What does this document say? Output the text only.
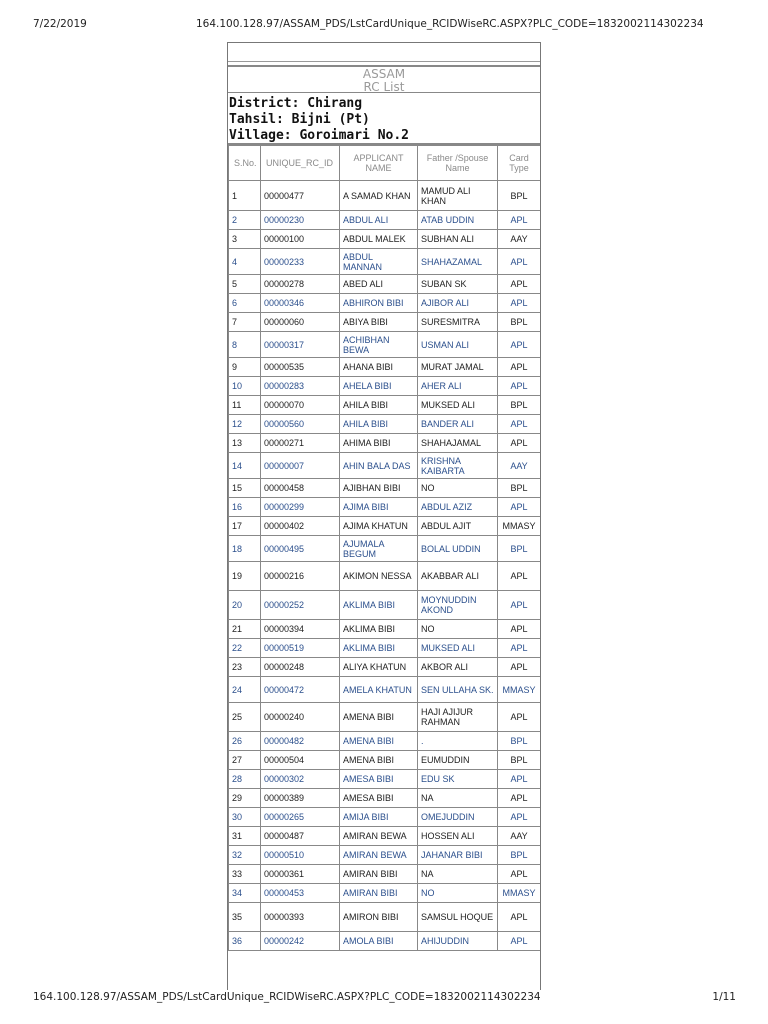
7/22/2019	164.100.128.97/ASSAM_PDS/LstCardUnique_RCIDWiseRC.ASPX?PLC_CODE=1832002114302234
ASSAM
RC List
District: Chirang
Tahsil: Bijni (Pt)
Village: Goroimari No.2
S.No.	UNIQUE_RC_ID	APPLICANT NAME	Father /Spouse Name	Card Type
1	00000477	A SAMAD KHAN	MAMUD ALI KHAN	BPL
2	00000230	ABDUL ALI	ATAB UDDIN	APL
3	00000100	ABDUL MALEK	SUBHAN ALI	AAY
4	00000233	ABDUL MANNAN	SHAHAZAMAL	APL
5	00000278	ABED ALI	SUBAN SK	APL
6	00000346	ABHIRON BIBI	AJIBOR ALI	APL
7	00000060	ABIYA BIBI	SURESMITRA	BPL
8	00000317	ACHIBHAN BEWA	USMAN ALI	APL
9	00000535	AHANA BIBI	MURAT JAMAL	APL
10	00000283	AHELA BIBI	AHER ALI	APL
11	00000070	AHILA BIBI	MUKSED ALI	BPL
12	00000560	AHILA BIBI	BANDER ALI	APL
13	00000271	AHIMA BIBI	SHAHAJAMAL	APL
14	00000007	AHIN BALA DAS	KRISHNA KAIBARTA	AAY
15	00000458	AJIBHAN BIBI	NO	BPL
16	00000299	AJIMA BIBI	ABDUL AZIZ	APL
17	00000402	AJIMA KHATUN	ABDUL AJIT	MMASY
18	00000495	AJUMALA BEGUM	BOLAL UDDIN	BPL
19	00000216	AKIMON NESSA	AKABBAR ALI	APL
20	00000252	AKLIMA BIBI	MOYNUDDIN AKOND	APL
21	00000394	AKLIMA BIBI	NO	APL
22	00000519	AKLIMA BIBI	MUKSED ALI	APL
23	00000248	ALIYA KHATUN	AKBOR ALI	APL
24	00000472	AMELA KHATUN	SEN ULLAHA SK.	MMASY
25	00000240	AMENA BIBI	HAJI AJIJUR RAHMAN	APL
26	00000482	AMENA BIBI	.	BPL
27	00000504	AMENA BIBI	EUMUDDIN	BPL
28	00000302	AMESA BIBI	EDU SK	APL
29	00000389	AMESA BIBI	NA	APL
30	00000265	AMIJA BIBI	OMEJUDDIN	APL
31	00000487	AMIRAN BEWA	HOSSEN ALI	AAY
32	00000510	AMIRAN BEWA	JAHANAR BIBI	BPL
33	00000361	AMIRAN BIBI	NA	APL
34	00000453	AMIRAN BIBI	NO	MMASY
35	00000393	AMIRON BIBI	SAMSUL HOQUE	APL
36	00000242	AMOLA BIBI	AHIJUDDIN	APL
164.100.128.97/ASSAM_PDS/LstCardUnique_RCIDWiseRC.ASPX?PLC_CODE=1832002114302234	1/11
